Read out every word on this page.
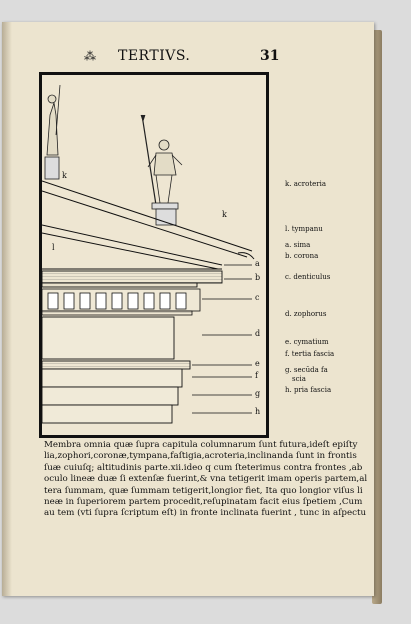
⁂ TERTIVS.	31
k
k
l
a
b
c
d
e
f
g
h
k. acroteria
l. tympanu
a. sima
b. corona
c. denticulus
d. zophorus
e. cymatium
f. tertia fascia
g. secūda fa
scia
h. pria fascia
Membra omnia quæ ſupra capitula columnarum ſunt futura,ideſt epiſty
lia,zophori,coronæ,tympana,faſtigia,acroteria,inclinanda ſunt in frontis
ſuæ cuiuſq; altitudinis parte.xii.ideo q cum ſteterimus contra frontes ,ab
oculo lineæ duæ ſi extenſæ fuerint,& vna tetigerit imam operis partem,al
tera ſummam, quæ ſummam tetigerit,longior fiet, Ita quo longior viſus li
neæ in ſuperiorem partem procedit,reſupinatam facit eius ſpetiem ,Cum
au tem (vti ſupra ſcriptum eſt) in fronte inclinata fuerint , tunc in aſpectu
